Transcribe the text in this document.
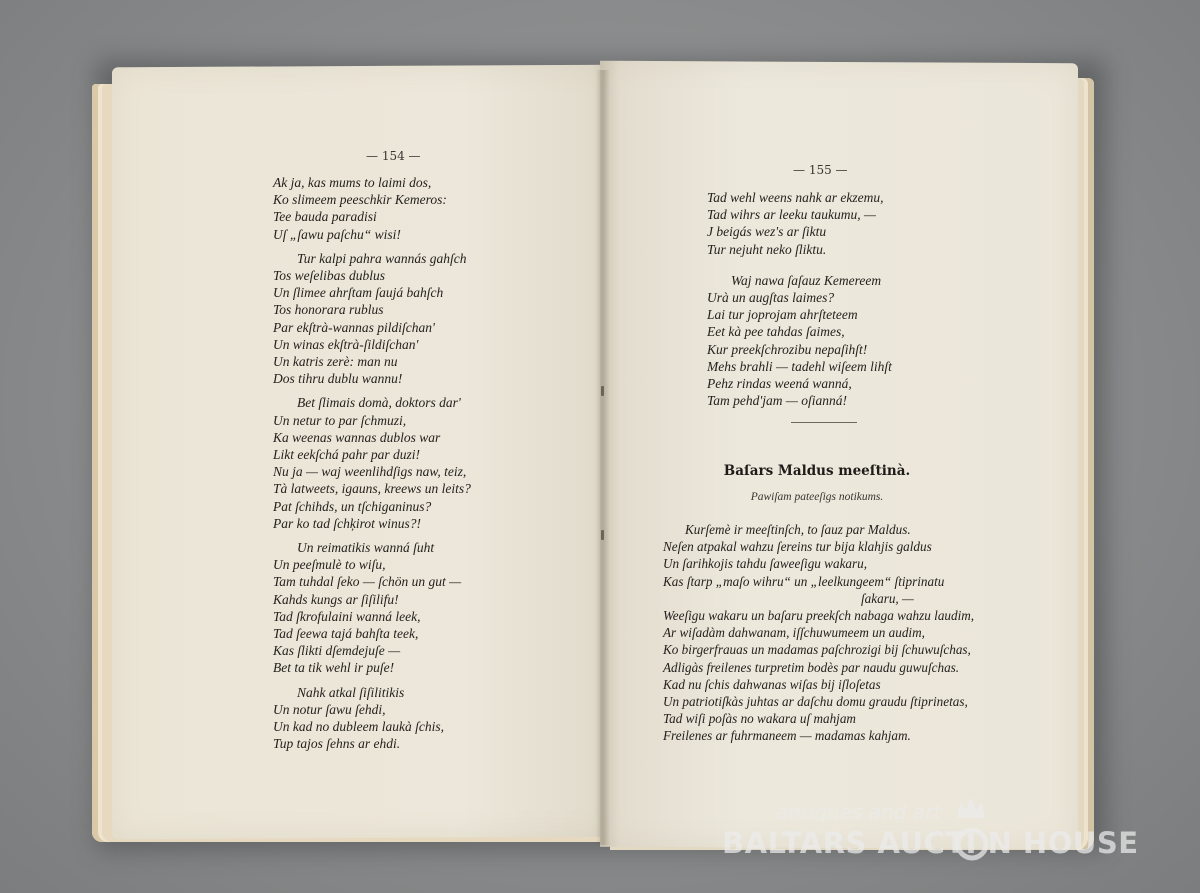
— 154 —
Ak ja, kas mums to laimi dos,
Ko slimeem peeschkir Kemeros:
Tee bauda paradisi
Uſ „ſawu paſchu“ wisi!
Tur kalpi pahra wannás gahſch
Tos weſelibas dublus
Un ſlimee ahrſtam ſaujá bahſch
Tos honorara rublus
Par ekſtrà-wannas pildiſchan'
Un winas ekſtrà-ſildiſchan'
Un katris zerè: man nu
Dos tihru dublu wannu!
Bet ſlimais domà, doktors dar'
Un netur to par ſchmuzi,
Ka weenas wannas dublos war
Likt eekſchá pahr par duzi!
Nu ja — waj weenlihdſigs naw, teiz,
Tà latweets, igauns, kreews un leits?
Pat ſchihds, un tſchiganinus?
Par ko tad ſchķirot winus?!
Un reimatikis wanná ſuht
Un peeſmulè to wiſu,
Tam tuhdal ſeko — ſchön un gut —
Kahds kungs ar ſiſilifu!
Tad ſkrofulaini wanná leek,
Tad ſeewa tajá bahſta teek,
Kas ſlikti dſemdejuſe —
Bet ta tik wehl ir puſe!
Nahk atkal ſiſilitikis
Un notur ſawu ſehdi,
Un kad no dubleem laukà ſchis,
Tup tajos ſehns ar ehdi.
— 155 —
Tad wehl weens nahk ar ekzemu,
Tad wihrs ar leeku taukumu, —
J beigás wez's ar ſiktu
Tur nejuht neko ſliktu.
Waj nawa ſaſauz Kemereem
Urà un augſtas laimes?
Lai tur joprojam ahrſteteem
Eet kà pee tahdas ſaimes,
Kur preekſchrozibu nepaſihſt!
Mehs brahli — tadehl wiſeem lihſt
Pehz rindas weená wanná,
Tam pehd'jam — oſianná!
Baſars Maldus meeſtinà.
Pawiſam pateeſigs notikums.
Kurſemè ir meeſtinſch, to ſauz par Maldus.
Neſen atpakal wahzu ſereins tur bija klahjis galdus
Un ſarihkojis tahdu ſaweeſigu wakaru,
Kas ſtarp „maſo wihru“ un „leelkungeem“ ſtiprinatu
ſakaru, —
Weeſigu wakaru un baſaru preekſch nabaga wahzu laudim,
Ar wiſadàm dahwanam, iſſchuwumeem un audim,
Ko birgerfrauas un madamas paſchrozigi bij ſchuwuſchas,
Adligàs freilenes turpretim bodès par naudu guwuſchas.
Kad nu ſchis dahwanas wiſas bij iſloſetas
Un patriotiſkàs juhtas ar daſchu domu graudu ſtiprinetas,
Tad wiſi poſàs no wakara uſ mahjam
Freilenes ar fuhrmaneem — madamas kahjam.
antiques and art
BALTARS AUCTI N HOUSE
